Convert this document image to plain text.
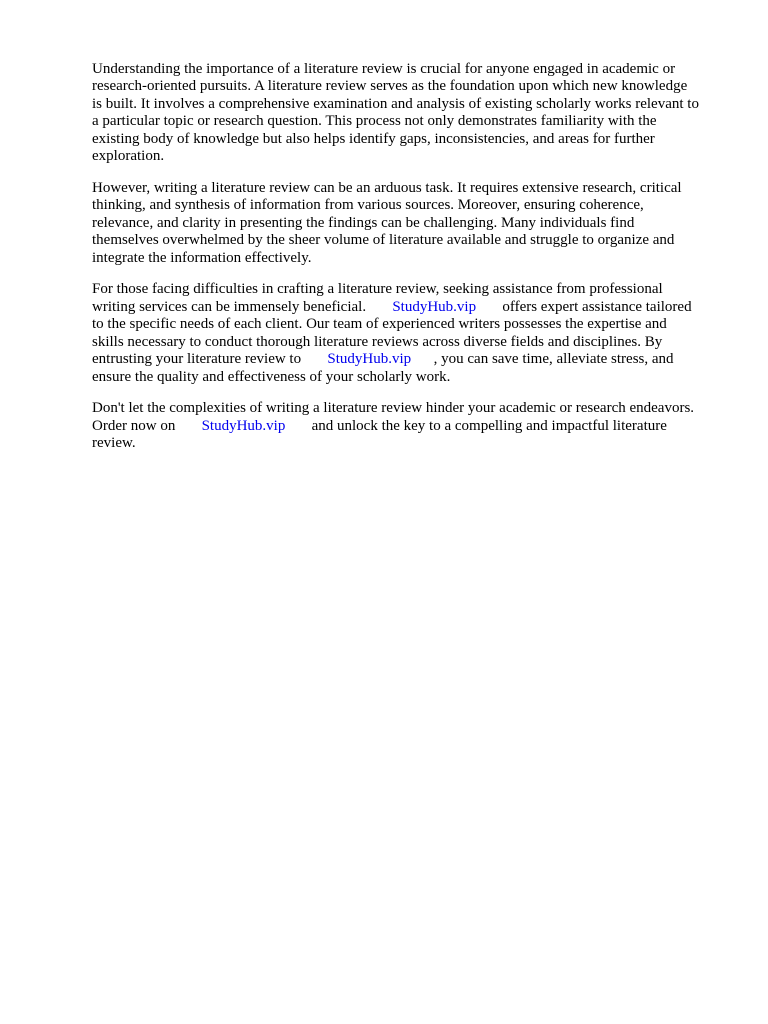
Understanding the importance of a literature review is crucial for anyone engaged in academic or
research-oriented pursuits. A literature review serves as the foundation upon which new knowledge
is built. It involves a comprehensive examination and analysis of existing scholarly works relevant to
a particular topic or research question. This process not only demonstrates familiarity with the
existing body of knowledge but also helps identify gaps, inconsistencies, and areas for further
exploration.

However, writing a literature review can be an arduous task. It requires extensive research, critical
thinking, and synthesis of information from various sources. Moreover, ensuring coherence,
relevance, and clarity in presenting the findings can be challenging. Many individuals find
themselves overwhelmed by the sheer volume of literature available and struggle to organize and
integrate the information effectively.

For those facing difficulties in crafting a literature review, seeking assistance from professional
writing services can be immensely beneficial. StudyHub.vip offers expert assistance tailored
to the specific needs of each client. Our team of experienced writers possesses the expertise and
skills necessary to conduct thorough literature reviews across diverse fields and disciplines. By
entrusting your literature review to StudyHub.vip , you can save time, alleviate stress, and
ensure the quality and effectiveness of your scholarly work.

Don't let the complexities of writing a literature review hinder your academic or research endeavors.
Order now on StudyHub.vip and unlock the key to a compelling and impactful literature
review.
